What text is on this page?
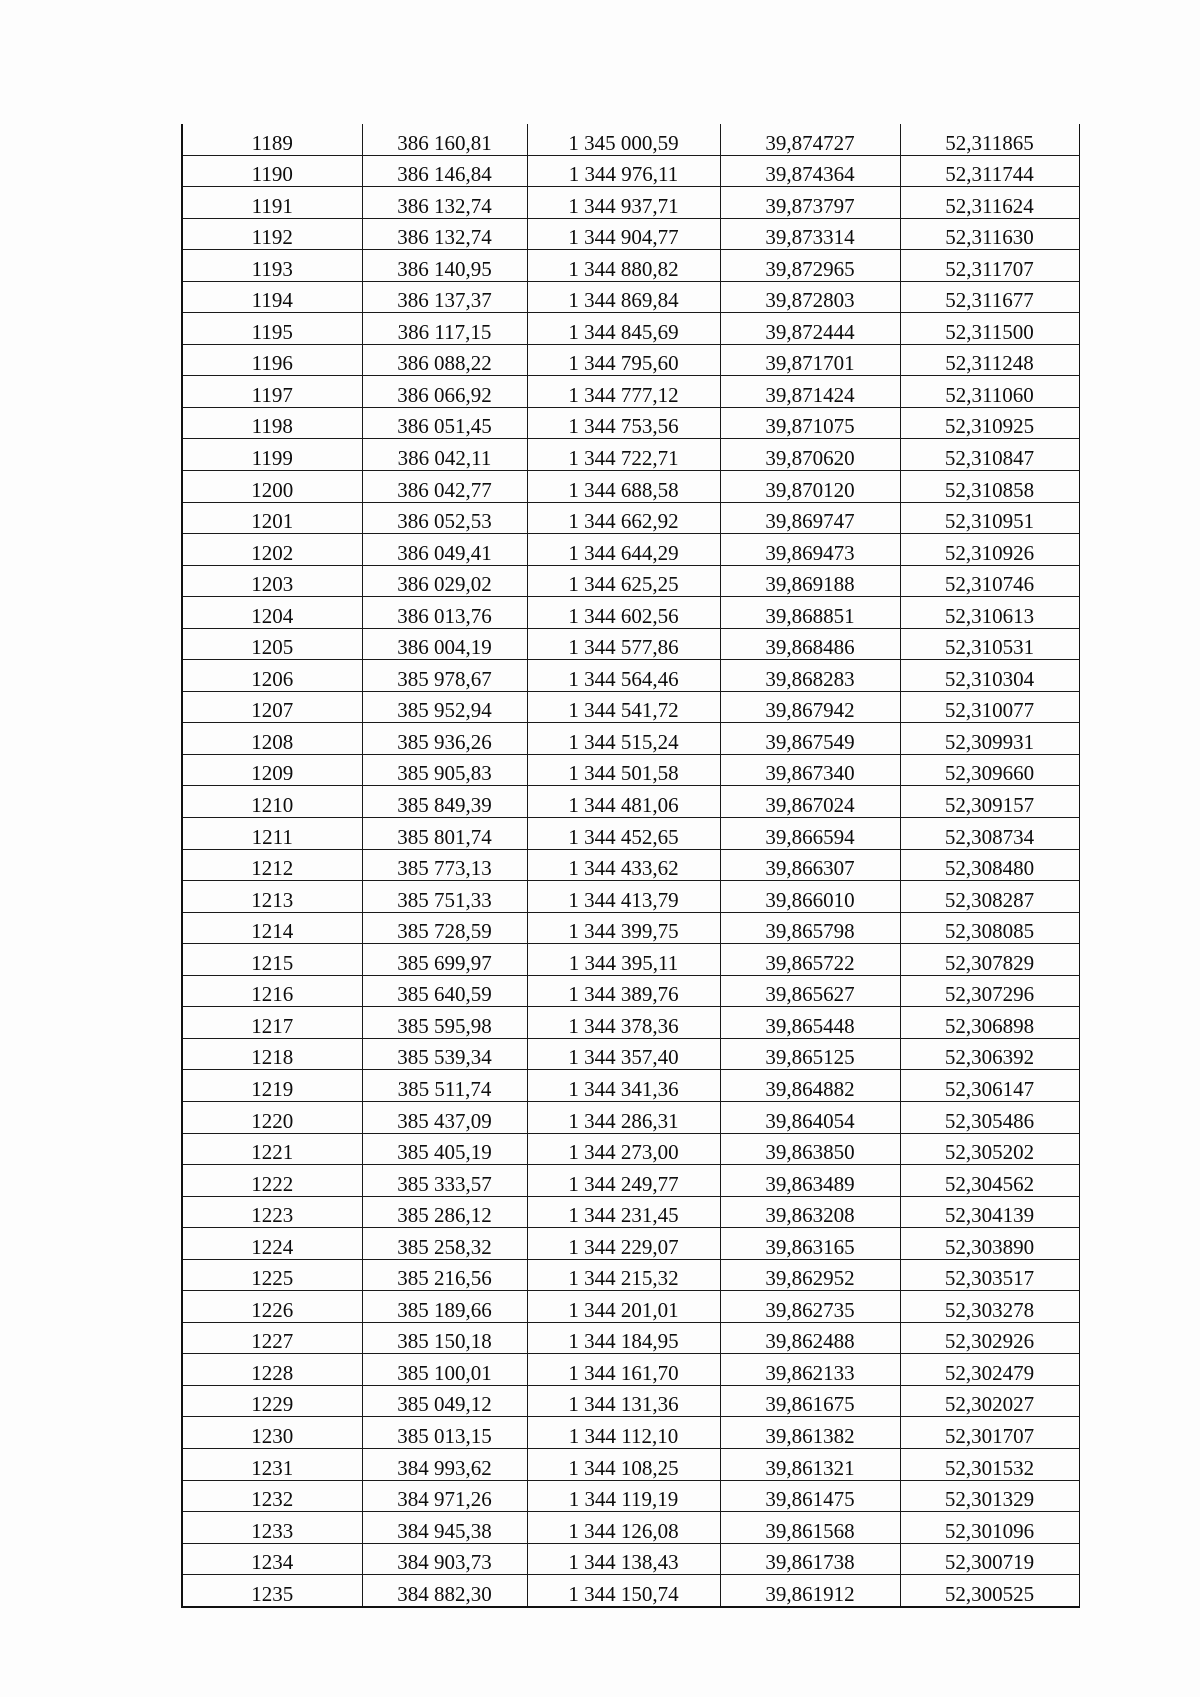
1189	386 160,81	1 345 000,59	39,874727	52,311865
1190	386 146,84	1 344 976,11	39,874364	52,311744
1191	386 132,74	1 344 937,71	39,873797	52,311624
1192	386 132,74	1 344 904,77	39,873314	52,311630
1193	386 140,95	1 344 880,82	39,872965	52,311707
1194	386 137,37	1 344 869,84	39,872803	52,311677
1195	386 117,15	1 344 845,69	39,872444	52,311500
1196	386 088,22	1 344 795,60	39,871701	52,311248
1197	386 066,92	1 344 777,12	39,871424	52,311060
1198	386 051,45	1 344 753,56	39,871075	52,310925
1199	386 042,11	1 344 722,71	39,870620	52,310847
1200	386 042,77	1 344 688,58	39,870120	52,310858
1201	386 052,53	1 344 662,92	39,869747	52,310951
1202	386 049,41	1 344 644,29	39,869473	52,310926
1203	386 029,02	1 344 625,25	39,869188	52,310746
1204	386 013,76	1 344 602,56	39,868851	52,310613
1205	386 004,19	1 344 577,86	39,868486	52,310531
1206	385 978,67	1 344 564,46	39,868283	52,310304
1207	385 952,94	1 344 541,72	39,867942	52,310077
1208	385 936,26	1 344 515,24	39,867549	52,309931
1209	385 905,83	1 344 501,58	39,867340	52,309660
1210	385 849,39	1 344 481,06	39,867024	52,309157
1211	385 801,74	1 344 452,65	39,866594	52,308734
1212	385 773,13	1 344 433,62	39,866307	52,308480
1213	385 751,33	1 344 413,79	39,866010	52,308287
1214	385 728,59	1 344 399,75	39,865798	52,308085
1215	385 699,97	1 344 395,11	39,865722	52,307829
1216	385 640,59	1 344 389,76	39,865627	52,307296
1217	385 595,98	1 344 378,36	39,865448	52,306898
1218	385 539,34	1 344 357,40	39,865125	52,306392
1219	385 511,74	1 344 341,36	39,864882	52,306147
1220	385 437,09	1 344 286,31	39,864054	52,305486
1221	385 405,19	1 344 273,00	39,863850	52,305202
1222	385 333,57	1 344 249,77	39,863489	52,304562
1223	385 286,12	1 344 231,45	39,863208	52,304139
1224	385 258,32	1 344 229,07	39,863165	52,303890
1225	385 216,56	1 344 215,32	39,862952	52,303517
1226	385 189,66	1 344 201,01	39,862735	52,303278
1227	385 150,18	1 344 184,95	39,862488	52,302926
1228	385 100,01	1 344 161,70	39,862133	52,302479
1229	385 049,12	1 344 131,36	39,861675	52,302027
1230	385 013,15	1 344 112,10	39,861382	52,301707
1231	384 993,62	1 344 108,25	39,861321	52,301532
1232	384 971,26	1 344 119,19	39,861475	52,301329
1233	384 945,38	1 344 126,08	39,861568	52,301096
1234	384 903,73	1 344 138,43	39,861738	52,300719
1235	384 882,30	1 344 150,74	39,861912	52,300525
